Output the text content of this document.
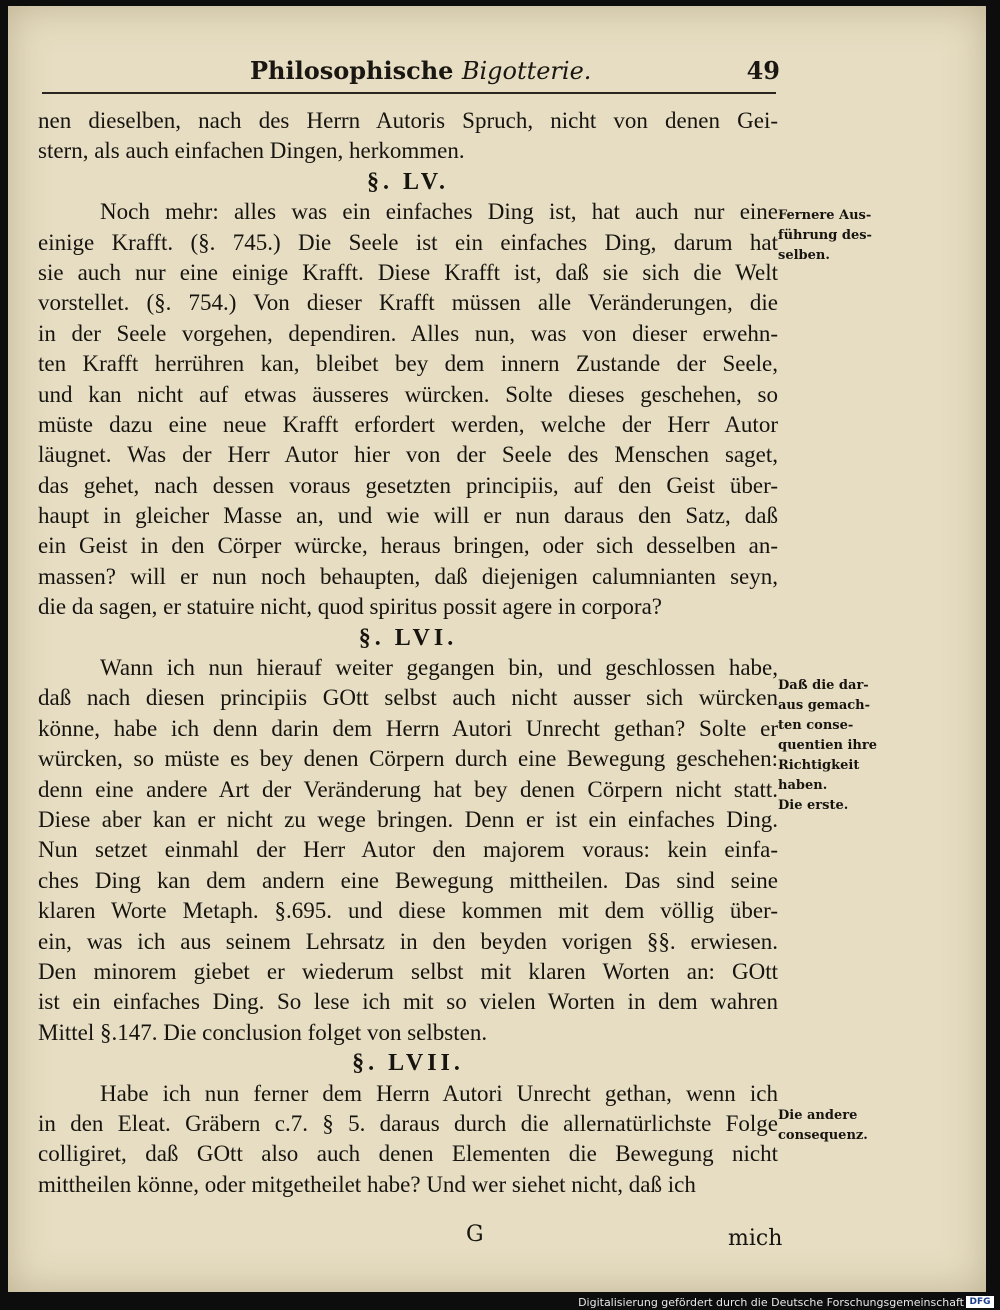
Philosophische Bigotterie.	49
nen dieselben, nach des Herrn Autoris Spruch, nicht von denen Gei-
stern, als auch einfachen Dingen, herkommen.
§. LV.
Noch mehr: alles was ein einfaches Ding ist, hat auch nur eine
einige Krafft. (§. 745.) Die Seele ist ein einfaches Ding, darum hat
sie auch nur eine einige Krafft. Diese Krafft ist, daß sie sich die Welt
vorstellet. (§. 754.) Von dieser Krafft müssen alle Veränderungen, die
in der Seele vorgehen, dependiren. Alles nun, was von dieser erwehn-
ten Krafft herrühren kan, bleibet bey dem innern Zustande der Seele,
und kan nicht auf etwas äusseres würcken. Solte dieses geschehen, so
müste dazu eine neue Krafft erfordert werden, welche der Herr Autor
läugnet. Was der Herr Autor hier von der Seele des Menschen saget,
das gehet, nach dessen voraus gesetzten principiis, auf den Geist über-
haupt in gleicher Masse an, und wie will er nun daraus den Satz, daß
ein Geist in den Cörper würcke, heraus bringen, oder sich desselben an-
massen? will er nun noch behaupten, daß diejenigen calumnianten seyn,
die da sagen, er statuire nicht, quod spiritus possit agere in corpora?
§. LVI.
Wann ich nun hierauf weiter gegangen bin, und geschlossen habe,
daß nach diesen principiis GOtt selbst auch nicht ausser sich würcken
könne, habe ich denn darin dem Herrn Autori Unrecht gethan? Solte er
würcken, so müste es bey denen Cörpern durch eine Bewegung geschehen:
denn eine andere Art der Veränderung hat bey denen Cörpern nicht statt.
Diese aber kan er nicht zu wege bringen. Denn er ist ein einfaches Ding.
Nun setzet einmahl der Herr Autor den majorem voraus: kein einfa-
ches Ding kan dem andern eine Bewegung mittheilen. Das sind seine
klaren Worte Metaph. §.695. und diese kommen mit dem völlig über-
ein, was ich aus seinem Lehrsatz in den beyden vorigen §§. erwiesen.
Den minorem giebet er wiederum selbst mit klaren Worten an: GOtt
ist ein einfaches Ding. So lese ich mit so vielen Worten in dem wahren
Mittel §.147. Die conclusion folget von selbsten.
§. LVII.
Habe ich nun ferner dem Herrn Autori Unrecht gethan, wenn ich
in den Eleat. Gräbern c.7. § 5. daraus durch die allernatürlichste Folge
colligiret, daß GOtt also auch denen Elementen die Bewegung nicht
mittheilen könne, oder mitgetheilet habe? Und wer siehet nicht, daß ich
Fernere Aus-
führung des-
selben.
Daß die dar-
aus gemach-
ten conse-
quentien ihre
Richtigkeit
haben.
Die erste.
Die andere
consequenz.
G	mich
Digitalisierung gefördert durch die Deutsche Forschungsgemeinschaft DFG
